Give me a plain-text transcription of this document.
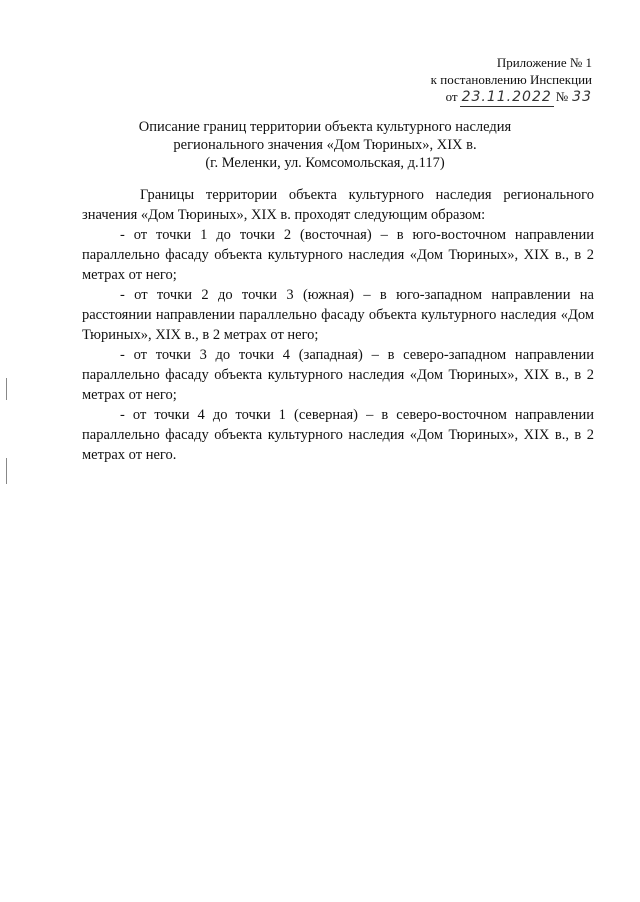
Приложение № 1
к постановлению Инспекции
от 23.11.2022 № 33
Описание границ территории объекта культурного наследия
регионального значения «Дом Тюриных», XIX в.
(г. Меленки, ул. Комсомольская, д.117)

Границы территории объекта культурного наследия регионального значения «Дом Тюриных», XIX в. проходят следующим образом:

- от точки 1 до точки 2 (восточная) – в юго-восточном направлении параллельно фасаду объекта культурного наследия «Дом Тюриных», XIX в., в 2 метрах от него;

- от точки 2 до точки 3 (южная) – в юго-западном направлении на расстоянии направлении параллельно фасаду объекта культурного наследия «Дом Тюриных», XIX в., в 2 метрах от него;

- от точки 3 до точки 4 (западная) – в северо-западном направлении параллельно фасаду объекта культурного наследия «Дом Тюриных», XIX в., в 2 метрах от него;

- от точки 4 до точки 1 (северная) – в северо-восточном направлении параллельно фасаду объекта культурного наследия «Дом Тюриных», XIX в., в 2 метрах от него.
